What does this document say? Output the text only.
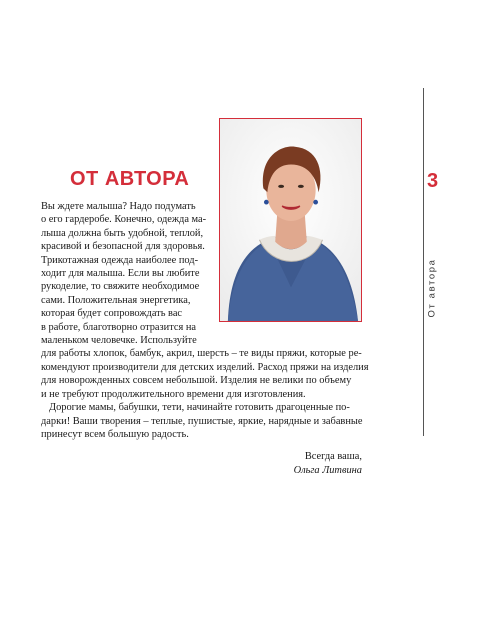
ОТ АВТОРА
Вы ждете малыша? Надо подумать
о его гардеробе. Конечно, одежда ма-
лыша должна быть удобной, теплой,
красивой и безопасной для здоровья.
Трикотажная одежда наиболее под-
ходит для малыша. Если вы любите
рукоделие, то свяжите необходимое
сами. Положительная энергетика,
которая будет сопровождать вас
в работе, благотворно отразится на
маленьком человечке. Используйте
для работы хлопок, бамбук, акрил, шерсть – те виды пряжи, которые ре-
комендуют производители для детских изделий. Расход пряжи на изделия
для новорожденных совсем небольшой. Изделия не велики по объему
и не требуют продолжительного времени для изготовления.
Дорогие мамы, бабушки, тети, начинайте готовить драгоценные по-
дарки! Ваши творения – теплые, пушистые, яркие, нарядные и забавные
принесут всем большую радость.
Всегда ваша,
Ольга Литвина
3
От автора
